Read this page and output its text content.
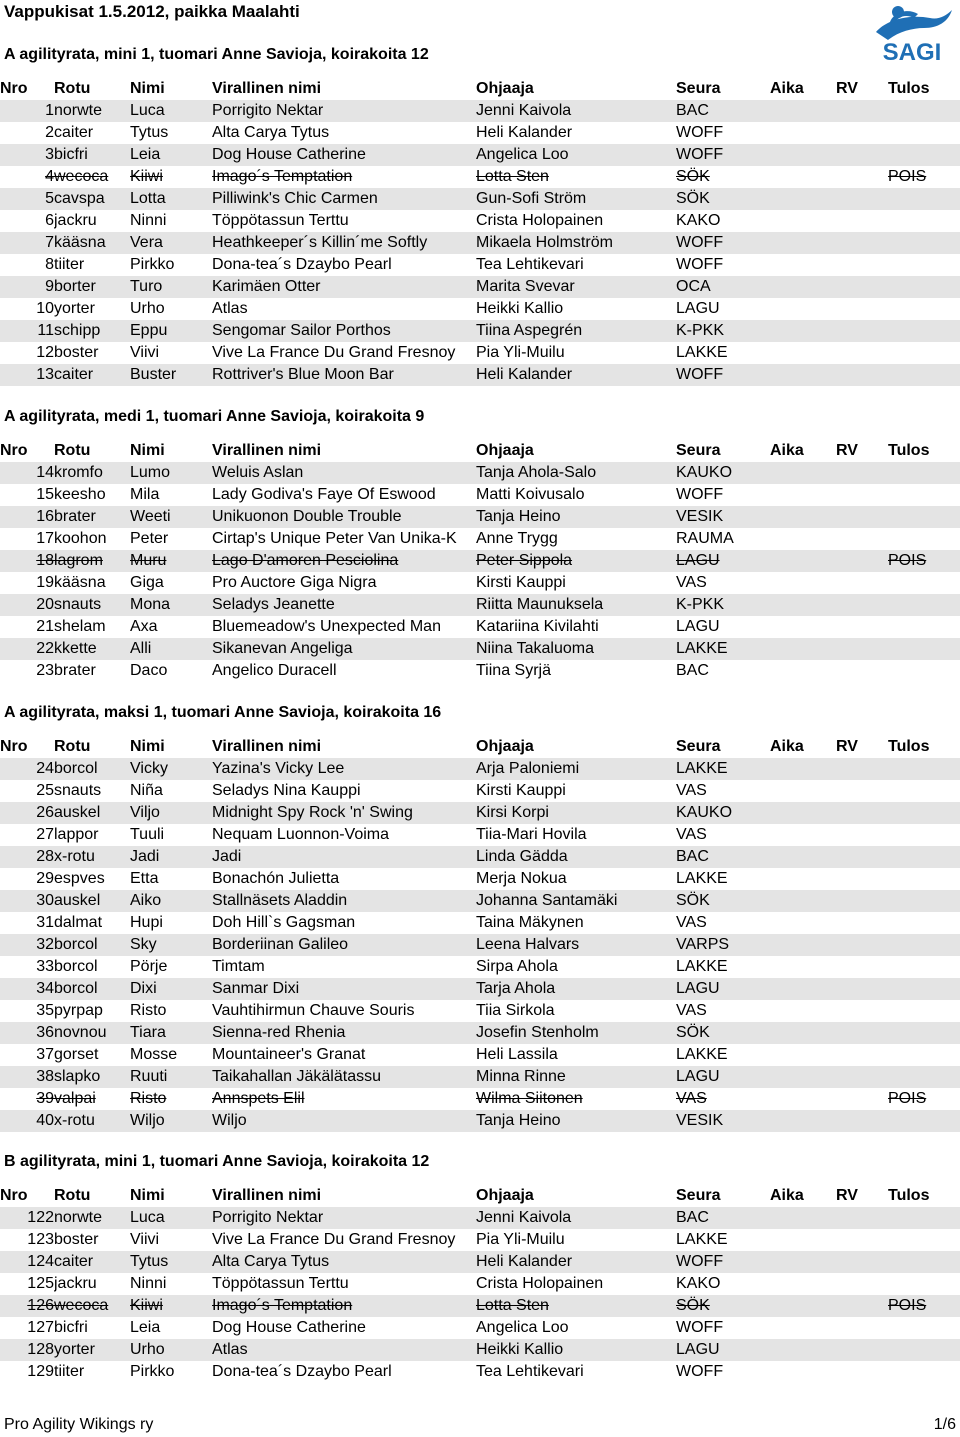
Vappukisat 1.5.2012, paikka Maalahti
SAGI
A agilityrata, mini 1, tuomari Anne Savioja, koirakoita 12
Nro	Rotu	Nimi	Virallinen nimi	Ohjaaja	Seura	Aika	RV	Tulos
1	norwte	Luca	Porrigito Nektar	Jenni Kaivola	BAC			
2	caiter	Tytus	Alta Carya Tytus	Heli Kalander	WOFF			
3	bicfri	Leia	Dog House Catherine	Angelica Loo	WOFF			
4	wecoca	Kiiwi	Imago´s Temptation	Lotta Sten	SÖK			POIS
5	cavspa	Lotta	Pilliwink's Chic Carmen	Gun-Sofi Ström	SÖK			
6	jackru	Ninni	Töppötassun Terttu	Crista Holopainen	KAKO			
7	kääsna	Vera	Heathkeeper´s Killin´me Softly	Mikaela Holmström	WOFF			
8	tiiter	Pirkko	Dona-tea´s Dzaybo Pearl	Tea Lehtikevari	WOFF			
9	borter	Turo	Karimäen Otter	Marita Svevar	OCA			
10	yorter	Urho	Atlas	Heikki Kallio	LAGU			
11	schipp	Eppu	Sengomar Sailor Porthos	Tiina Aspegrén	K-PKK			
12	boster	Viivi	Vive La France Du Grand Fresnoy	Pia Yli-Muilu	LAKKE			
13	caiter	Buster	Rottriver's Blue Moon Bar	Heli Kalander	WOFF			
A agilityrata, medi 1, tuomari Anne Savioja, koirakoita 9
Nro	Rotu	Nimi	Virallinen nimi	Ohjaaja	Seura	Aika	RV	Tulos
14	kromfo	Lumo	Weluis Aslan	Tanja Ahola-Salo	KAUKO			
15	keesho	Mila	Lady Godiva's Faye Of Eswood	Matti Koivusalo	WOFF			
16	brater	Weeti	Unikuonon Double Trouble	Tanja Heino	VESIK			
17	koohon	Peter	Cirtap's Unique Peter Van Unika-K	Anne Trygg	RAUMA			
18	lagrom	Muru	Lago D'amoren Pesciolina	Peter Sippola	LAGU			POIS
19	kääsna	Giga	Pro Auctore Giga Nigra	Kirsti Kauppi	VAS			
20	snauts	Mona	Seladys Jeanette	Riitta Maunuksela	K-PKK			
21	shelam	Axa	Bluemeadow's Unexpected Man	Katariina Kivilahti	LAGU			
22	kkette	Alli	Sikanevan Angeliga	Niina Takaluoma	LAKKE			
23	brater	Daco	Angelico Duracell	Tiina Syrjä	BAC			
A agilityrata, maksi 1, tuomari Anne Savioja, koirakoita 16
Nro	Rotu	Nimi	Virallinen nimi	Ohjaaja	Seura	Aika	RV	Tulos
24	borcol	Vicky	Yazina's Vicky Lee	Arja Paloniemi	LAKKE			
25	snauts	Niña	Seladys Nina Kauppi	Kirsti Kauppi	VAS			
26	auskel	Viljo	Midnight Spy Rock 'n' Swing	Kirsi Korpi	KAUKO			
27	lappor	Tuuli	Nequam Luonnon-Voima	Tiia-Mari Hovila	VAS			
28	x-rotu	Jadi	Jadi	Linda Gädda	BAC			
29	espves	Etta	Bonachón Julietta	Merja Nokua	LAKKE			
30	auskel	Aiko	Stallnäsets Aladdin	Johanna Santamäki	SÖK			
31	dalmat	Hupi	Doh Hill`s Gagsman	Taina Mäkynen	VAS			
32	borcol	Sky	Borderiinan Galileo	Leena Halvars	VARPS			
33	borcol	Pörje	Timtam	Sirpa Ahola	LAKKE			
34	borcol	Dixi	Sanmar Dixi	Tarja Ahola	LAGU			
35	pyrpap	Risto	Vauhtihirmun Chauve Souris	Tiia Sirkola	VAS			
36	novnou	Tiara	Sienna-red Rhenia	Josefin Stenholm	SÖK			
37	gorset	Mosse	Mountaineer's Granat	Heli Lassila	LAKKE			
38	slapko	Ruuti	Taikahallan Jäkälätassu	Minna Rinne	LAGU			
39	valpai	Risto	Annspets Elil	Wilma Siitonen	VAS			POIS
40	x-rotu	Wiljo	Wiljo	Tanja Heino	VESIK			
B agilityrata, mini 1, tuomari Anne Savioja, koirakoita 12
Nro	Rotu	Nimi	Virallinen nimi	Ohjaaja	Seura	Aika	RV	Tulos
122	norwte	Luca	Porrigito Nektar	Jenni Kaivola	BAC			
123	boster	Viivi	Vive La France Du Grand Fresnoy	Pia Yli-Muilu	LAKKE			
124	caiter	Tytus	Alta Carya Tytus	Heli Kalander	WOFF			
125	jackru	Ninni	Töppötassun Terttu	Crista Holopainen	KAKO			
126	wecoca	Kiiwi	Imago´s Temptation	Lotta Sten	SÖK			POIS
127	bicfri	Leia	Dog House Catherine	Angelica Loo	WOFF			
128	yorter	Urho	Atlas	Heikki Kallio	LAGU			
129	tiiter	Pirkko	Dona-tea´s Dzaybo Pearl	Tea Lehtikevari	WOFF			
Pro Agility Wikings ry	1/6
